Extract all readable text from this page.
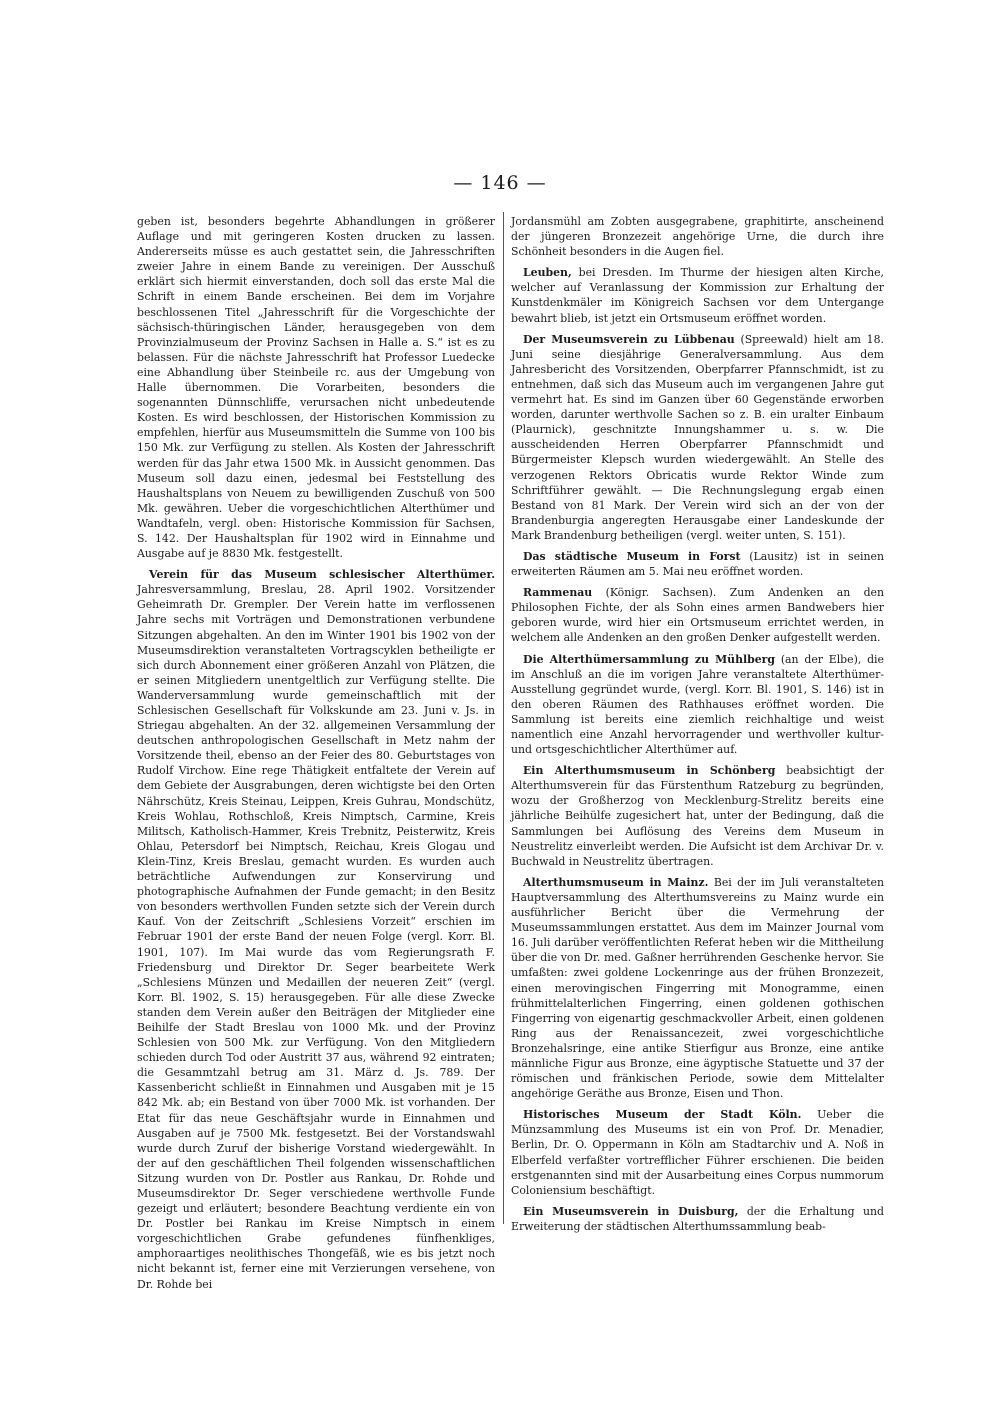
— 146 —

geben ist, besonders begehrte Abhandlungen in größerer Auflage und mit geringeren Kosten drucken zu lassen. Andererseits müsse es auch gestattet sein, die Jahresschriften zweier Jahre in einem Bande zu vereinigen. Der Ausschuß erklärt sich hiermit einverstanden, doch soll das erste Mal die Schrift in einem Bande erscheinen. Bei dem im Vorjahre beschlossenen Titel „Jahresschrift für die Vorgeschichte der sächsisch-thüringischen Länder, herausgegeben von dem Provinzialmuseum der Provinz Sachsen in Halle a. S.“ ist es zu belassen. Für die nächste Jahresschrift hat Professor Luedecke eine Abhandlung über Steinbeile rc. aus der Umgebung von Halle übernommen. Die Vorarbeiten, besonders die sogenannten Dünnschliffe, verursachen nicht unbedeutende Kosten. Es wird beschlossen, der Historischen Kommission zu empfehlen, hierfür aus Museumsmitteln die Summe von 100 bis 150 Mk. zur Verfügung zu stellen. Als Kosten der Jahresschrift werden für das Jahr etwa 1500 Mk. in Aussicht genommen. Das Museum soll dazu einen, jedesmal bei Feststellung des Haushaltsplans von Neuem zu bewilligenden Zuschuß von 500 Mk. gewähren. Ueber die vorgeschichtlichen Alterthümer und Wandtafeln, vergl. oben: Historische Kommission für Sachsen, S. 142. Der Haushaltsplan für 1902 wird in Einnahme und Ausgabe auf je 8830 Mk. festgestellt.

Verein für das Museum schlesischer Alterthümer. Jahresversammlung, Breslau, 28. April 1902. Vorsitzender Geheimrath Dr. Grempler. Der Verein hatte im verflossenen Jahre sechs mit Vorträgen und Demonstrationen verbundene Sitzungen abgehalten. An den im Winter 1901 bis 1902 von der Museumsdirektion veranstalteten Vortragscyklen betheiligte er sich durch Abonnement einer größeren Anzahl von Plätzen, die er seinen Mitgliedern unentgeltlich zur Verfügung stellte. Die Wanderversammlung wurde gemeinschaftlich mit der Schlesischen Gesellschaft für Volkskunde am 23. Juni v. Js. in Striegau abgehalten. An der 32. allgemeinen Versammlung der deutschen anthropologischen Gesellschaft in Metz nahm der Vorsitzende theil, ebenso an der Feier des 80. Geburtstages von Rudolf Virchow. Eine rege Thätigkeit entfaltete der Verein auf dem Gebiete der Ausgrabungen, deren wichtigste bei den Orten Nährschütz, Kreis Steinau, Leippen, Kreis Guhrau, Mondschütz, Kreis Wohlau, Rothschloß, Kreis Nimptsch, Carmine, Kreis Militsch, Katholisch-Hammer, Kreis Trebnitz, Peisterwitz, Kreis Ohlau, Petersdorf bei Nimptsch, Reichau, Kreis Glogau und Klein-Tinz, Kreis Breslau, gemacht wurden. Es wurden auch beträchtliche Aufwendungen zur Konservirung und photographische Aufnahmen der Funde gemacht; in den Besitz von besonders werthvollen Funden setzte sich der Verein durch Kauf. Von der Zeitschrift „Schlesiens Vorzeit“ erschien im Februar 1901 der erste Band der neuen Folge (vergl. Korr. Bl. 1901, 107). Im Mai wurde das vom Regierungsrath F. Friedensburg und Direktor Dr. Seger bearbeitete Werk „Schlesiens Münzen und Medaillen der neueren Zeit“ (vergl. Korr. Bl. 1902, S. 15) herausgegeben. Für alle diese Zwecke standen dem Verein außer den Beiträgen der Mitglieder eine Beihilfe der Stadt Breslau von 1000 Mk. und der Provinz Schlesien von 500 Mk. zur Verfügung. Von den Mitgliedern schieden durch Tod oder Austritt 37 aus, während 92 eintraten; die Gesammtzahl betrug am 31. März d. Js. 789. Der Kassenbericht schließt in Einnahmen und Ausgaben mit je 15 842 Mk. ab; ein Bestand von über 7000 Mk. ist vorhanden. Der Etat für das neue Geschäftsjahr wurde in Einnahmen und Ausgaben auf je 7500 Mk. festgesetzt. Bei der Vorstandswahl wurde durch Zuruf der bisherige Vorstand wiedergewählt. In der auf den geschäftlichen Theil folgenden wissenschaftlichen Sitzung wurden von Dr. Postler aus Rankau, Dr. Rohde und Museumsdirektor Dr. Seger verschiedene werthvolle Funde gezeigt und erläutert; besondere Beachtung verdiente ein von Dr. Postler bei Rankau im Kreise Nimptsch in einem vorgeschichtlichen Grabe gefundenes fünfhenkliges, amphoraartiges neolithisches Thongefäß, wie es bis jetzt noch nicht bekannt ist, ferner eine mit Verzierungen versehene, von Dr. Rohde bei

Jordansmühl am Zobten ausgegrabene, graphitirte, anscheinend der jüngeren Bronzezeit angehörige Urne, die durch ihre Schönheit besonders in die Augen fiel.

Leuben, bei Dresden. Im Thurme der hiesigen alten Kirche, welcher auf Veranlassung der Kommission zur Erhaltung der Kunstdenkmäler im Königreich Sachsen vor dem Untergange bewahrt blieb, ist jetzt ein Ortsmuseum eröffnet worden.

Der Museumsverein zu Lübbenau (Spreewald) hielt am 18. Juni seine diesjährige Generalversammlung. Aus dem Jahresbericht des Vorsitzenden, Oberpfarrer Pfannschmidt, ist zu entnehmen, daß sich das Museum auch im vergangenen Jahre gut vermehrt hat. Es sind im Ganzen über 60 Gegenstände erworben worden, darunter werthvolle Sachen so z. B. ein uralter Einbaum (Plaurnick), geschnitzte Innungshammer u. s. w. Die ausscheidenden Herren Oberpfarrer Pfannschmidt und Bürgermeister Klepsch wurden wiedergewählt. An Stelle des verzogenen Rektors Obricatis wurde Rektor Winde zum Schriftführer gewählt. — Die Rechnungslegung ergab einen Bestand von 81 Mark. Der Verein wird sich an der von der Brandenburgia angeregten Herausgabe einer Landeskunde der Mark Brandenburg betheiligen (vergl. weiter unten, S. 151).

Das städtische Museum in Forst (Lausitz) ist in seinen erweiterten Räumen am 5. Mai neu eröffnet worden.

Rammenau (Königr. Sachsen). Zum Andenken an den Philosophen Fichte, der als Sohn eines armen Bandwebers hier geboren wurde, wird hier ein Ortsmuseum errichtet werden, in welchem alle Andenken an den großen Denker aufgestellt werden.

Die Alterthümersammlung zu Mühlberg (an der Elbe), die im Anschluß an die im vorigen Jahre veranstaltete Alterthümer-Ausstellung gegründet wurde, (vergl. Korr. Bl. 1901, S. 146) ist in den oberen Räumen des Rathhauses eröffnet worden. Die Sammlung ist bereits eine ziemlich reichhaltige und weist namentlich eine Anzahl hervorragender und werthvoller kultur- und ortsgeschichtlicher Alterthümer auf.

Ein Alterthumsmuseum in Schönberg beabsichtigt der Alterthumsverein für das Fürstenthum Ratzeburg zu begründen, wozu der Großherzog von Mecklenburg-Strelitz bereits eine jährliche Beihülfe zugesichert hat, unter der Bedingung, daß die Sammlungen bei Auflösung des Vereins dem Museum in Neustrelitz einverleibt werden. Die Aufsicht ist dem Archivar Dr. v. Buchwald in Neustrelitz übertragen.

Alterthumsmuseum in Mainz. Bei der im Juli veranstalteten Hauptversammlung des Alterthumsvereins zu Mainz wurde ein ausführlicher Bericht über die Vermehrung der Museumssammlungen erstattet. Aus dem im Mainzer Journal vom 16. Juli darüber veröffentlichten Referat heben wir die Mittheilung über die von Dr. med. Gaßner herrührenden Geschenke hervor. Sie umfaßten: zwei goldene Lockenringe aus der frühen Bronzezeit, einen merovingischen Fingerring mit Monogramme, einen frühmittelalterlichen Fingerring, einen goldenen gothischen Fingerring von eigenartig geschmackvoller Arbeit, einen goldenen Ring aus der Renaissancezeit, zwei vorgeschichtliche Bronzehalsringe, eine antike Stierfigur aus Bronze, eine antike männliche Figur aus Bronze, eine ägyptische Statuette und 37 der römischen und fränkischen Periode, sowie dem Mittelalter angehörige Geräthe aus Bronze, Eisen und Thon.

Historisches Museum der Stadt Köln. Ueber die Münzsammlung des Museums ist ein von Prof. Dr. Menadier, Berlin, Dr. O. Oppermann in Köln am Stadtarchiv und A. Noß in Elberfeld verfaßter vortrefflicher Führer erschienen. Die beiden erstgenannten sind mit der Ausarbeitung eines Corpus nummorum Coloniensium beschäftigt.

Ein Museumsverein in Duisburg, der die Erhaltung und Erweiterung der städtischen Alterthumssammlung beab-
